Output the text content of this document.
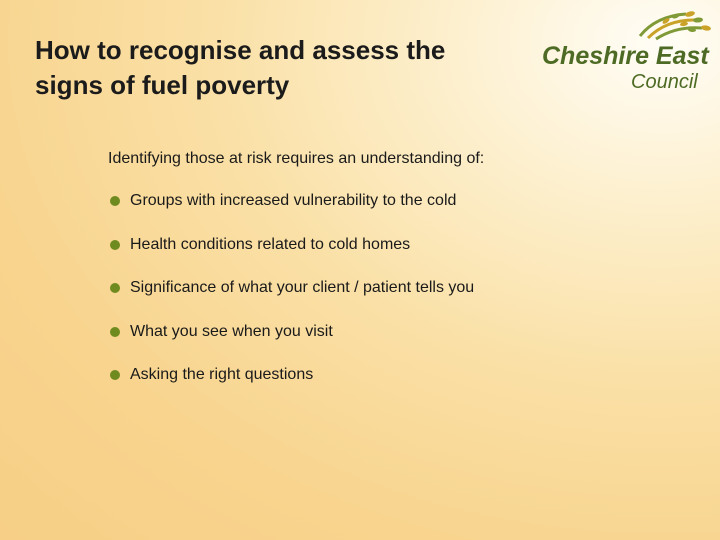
How to recognise and assess the
signs of fuel poverty
Cheshire East
Council
Identifying those at risk requires an understanding of:
Groups with increased vulnerability to the cold
Health conditions related to cold homes
Significance of what your client / patient tells you
What you see when you visit
Asking the right questions
